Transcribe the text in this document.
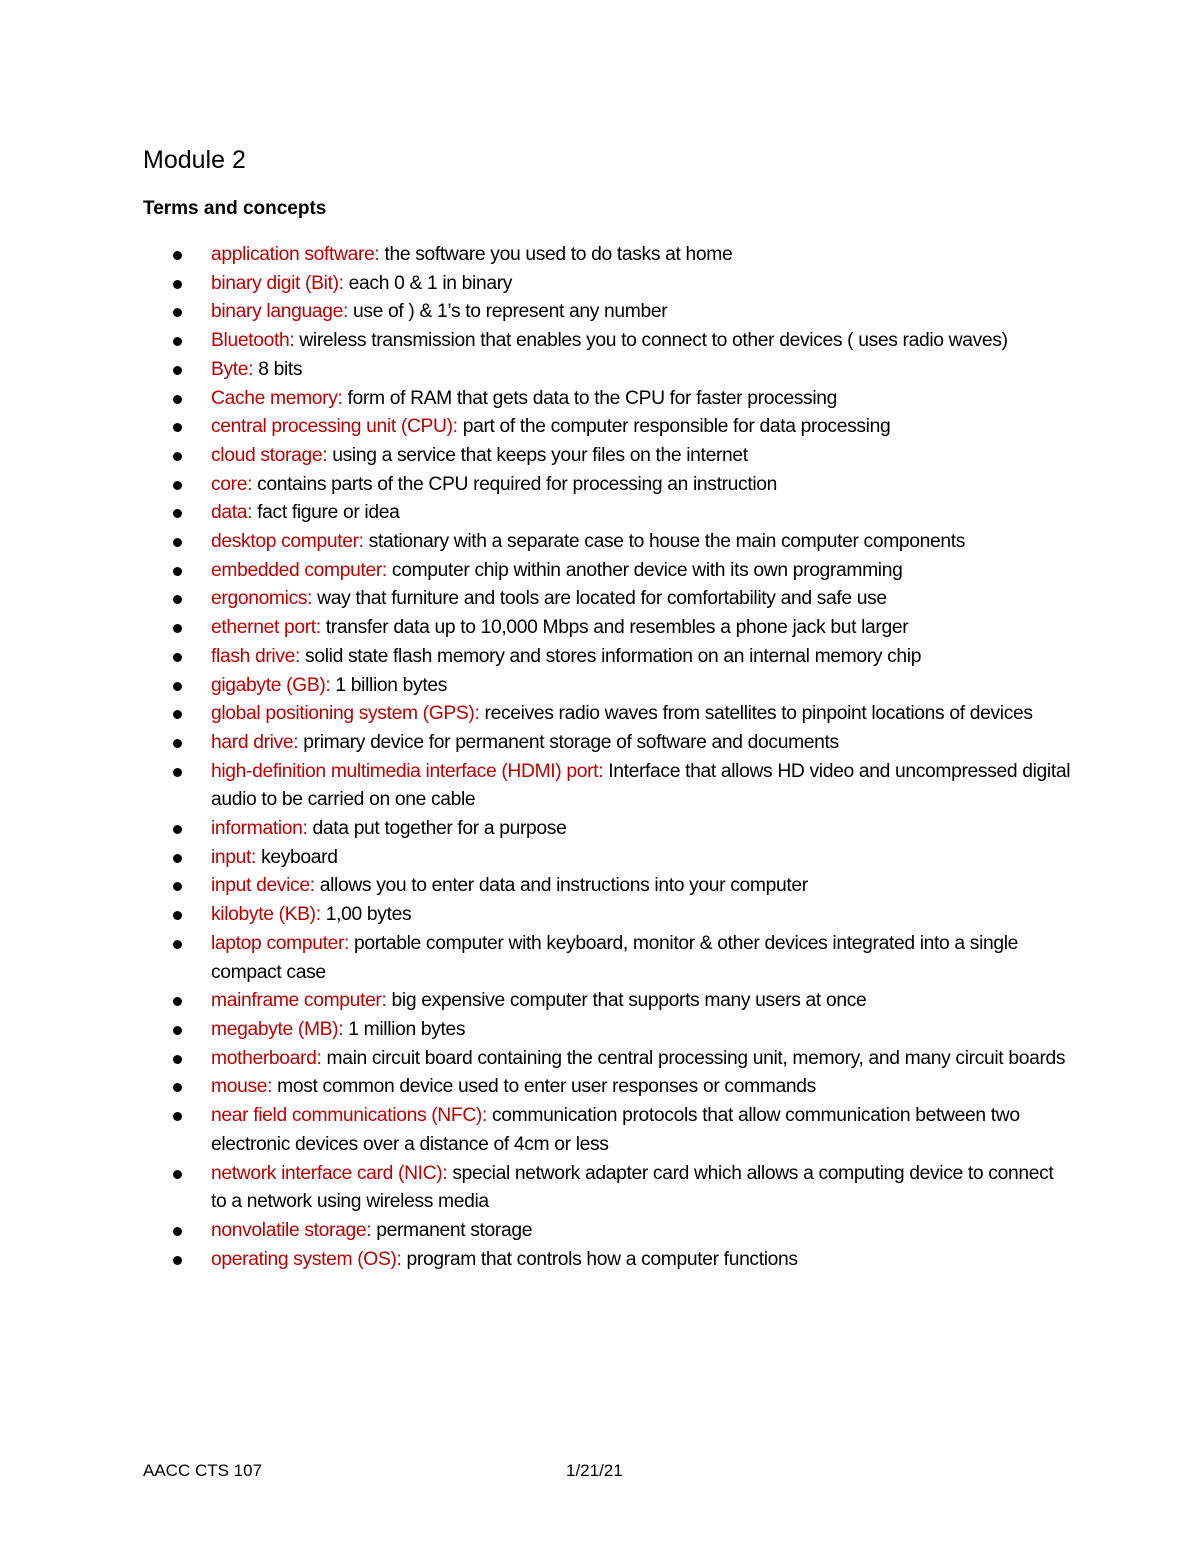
Module 2
Terms and concepts
application software: the software you used to do tasks at home
binary digit (Bit): each 0 & 1 in binary
binary language: use of ) & 1’s to represent any number
Bluetooth: wireless transmission that enables you to connect to other devices ( uses radio waves)
Byte: 8 bits
Cache memory: form of RAM that gets data to the CPU for faster processing
central processing unit (CPU): part of the computer responsible for data processing
cloud storage: using a service that keeps your files on the internet
core: contains parts of the CPU required for processing an instruction
data: fact figure or idea
desktop computer: stationary with a separate case to house the main computer components
embedded computer: computer chip within another device with its own programming
ergonomics: way that furniture and tools are located for comfortability and safe use
ethernet port: transfer data up to 10,000 Mbps and resembles a phone jack but larger
flash drive: solid state flash memory and stores information on an internal memory chip
gigabyte (GB): 1 billion bytes
global positioning system (GPS): receives radio waves from satellites to pinpoint locations of devices
hard drive: primary device for permanent storage of software and documents
high-definition multimedia interface (HDMI) port: Interface that allows HD video and uncompressed digital audio to be carried on one cable
information: data put together for a purpose
input: keyboard
input device: allows you to enter data and instructions into your computer
kilobyte (KB): 1,00 bytes
laptop computer: portable computer with keyboard, monitor & other devices integrated into a single compact case
mainframe computer: big expensive computer that supports many users at once
megabyte (MB): 1 million bytes
motherboard: main circuit board containing the central processing unit, memory, and many circuit boards
mouse: most common device used to enter user responses or commands
near field communications (NFC): communication protocols that allow communication between two electronic devices over a distance of 4cm or less
network interface card (NIC): special network adapter card which allows a computing device to connect to a network using wireless media
nonvolatile storage: permanent storage
operating system (OS): program that controls how a computer functions
AACC CTS 107	1/21/21
